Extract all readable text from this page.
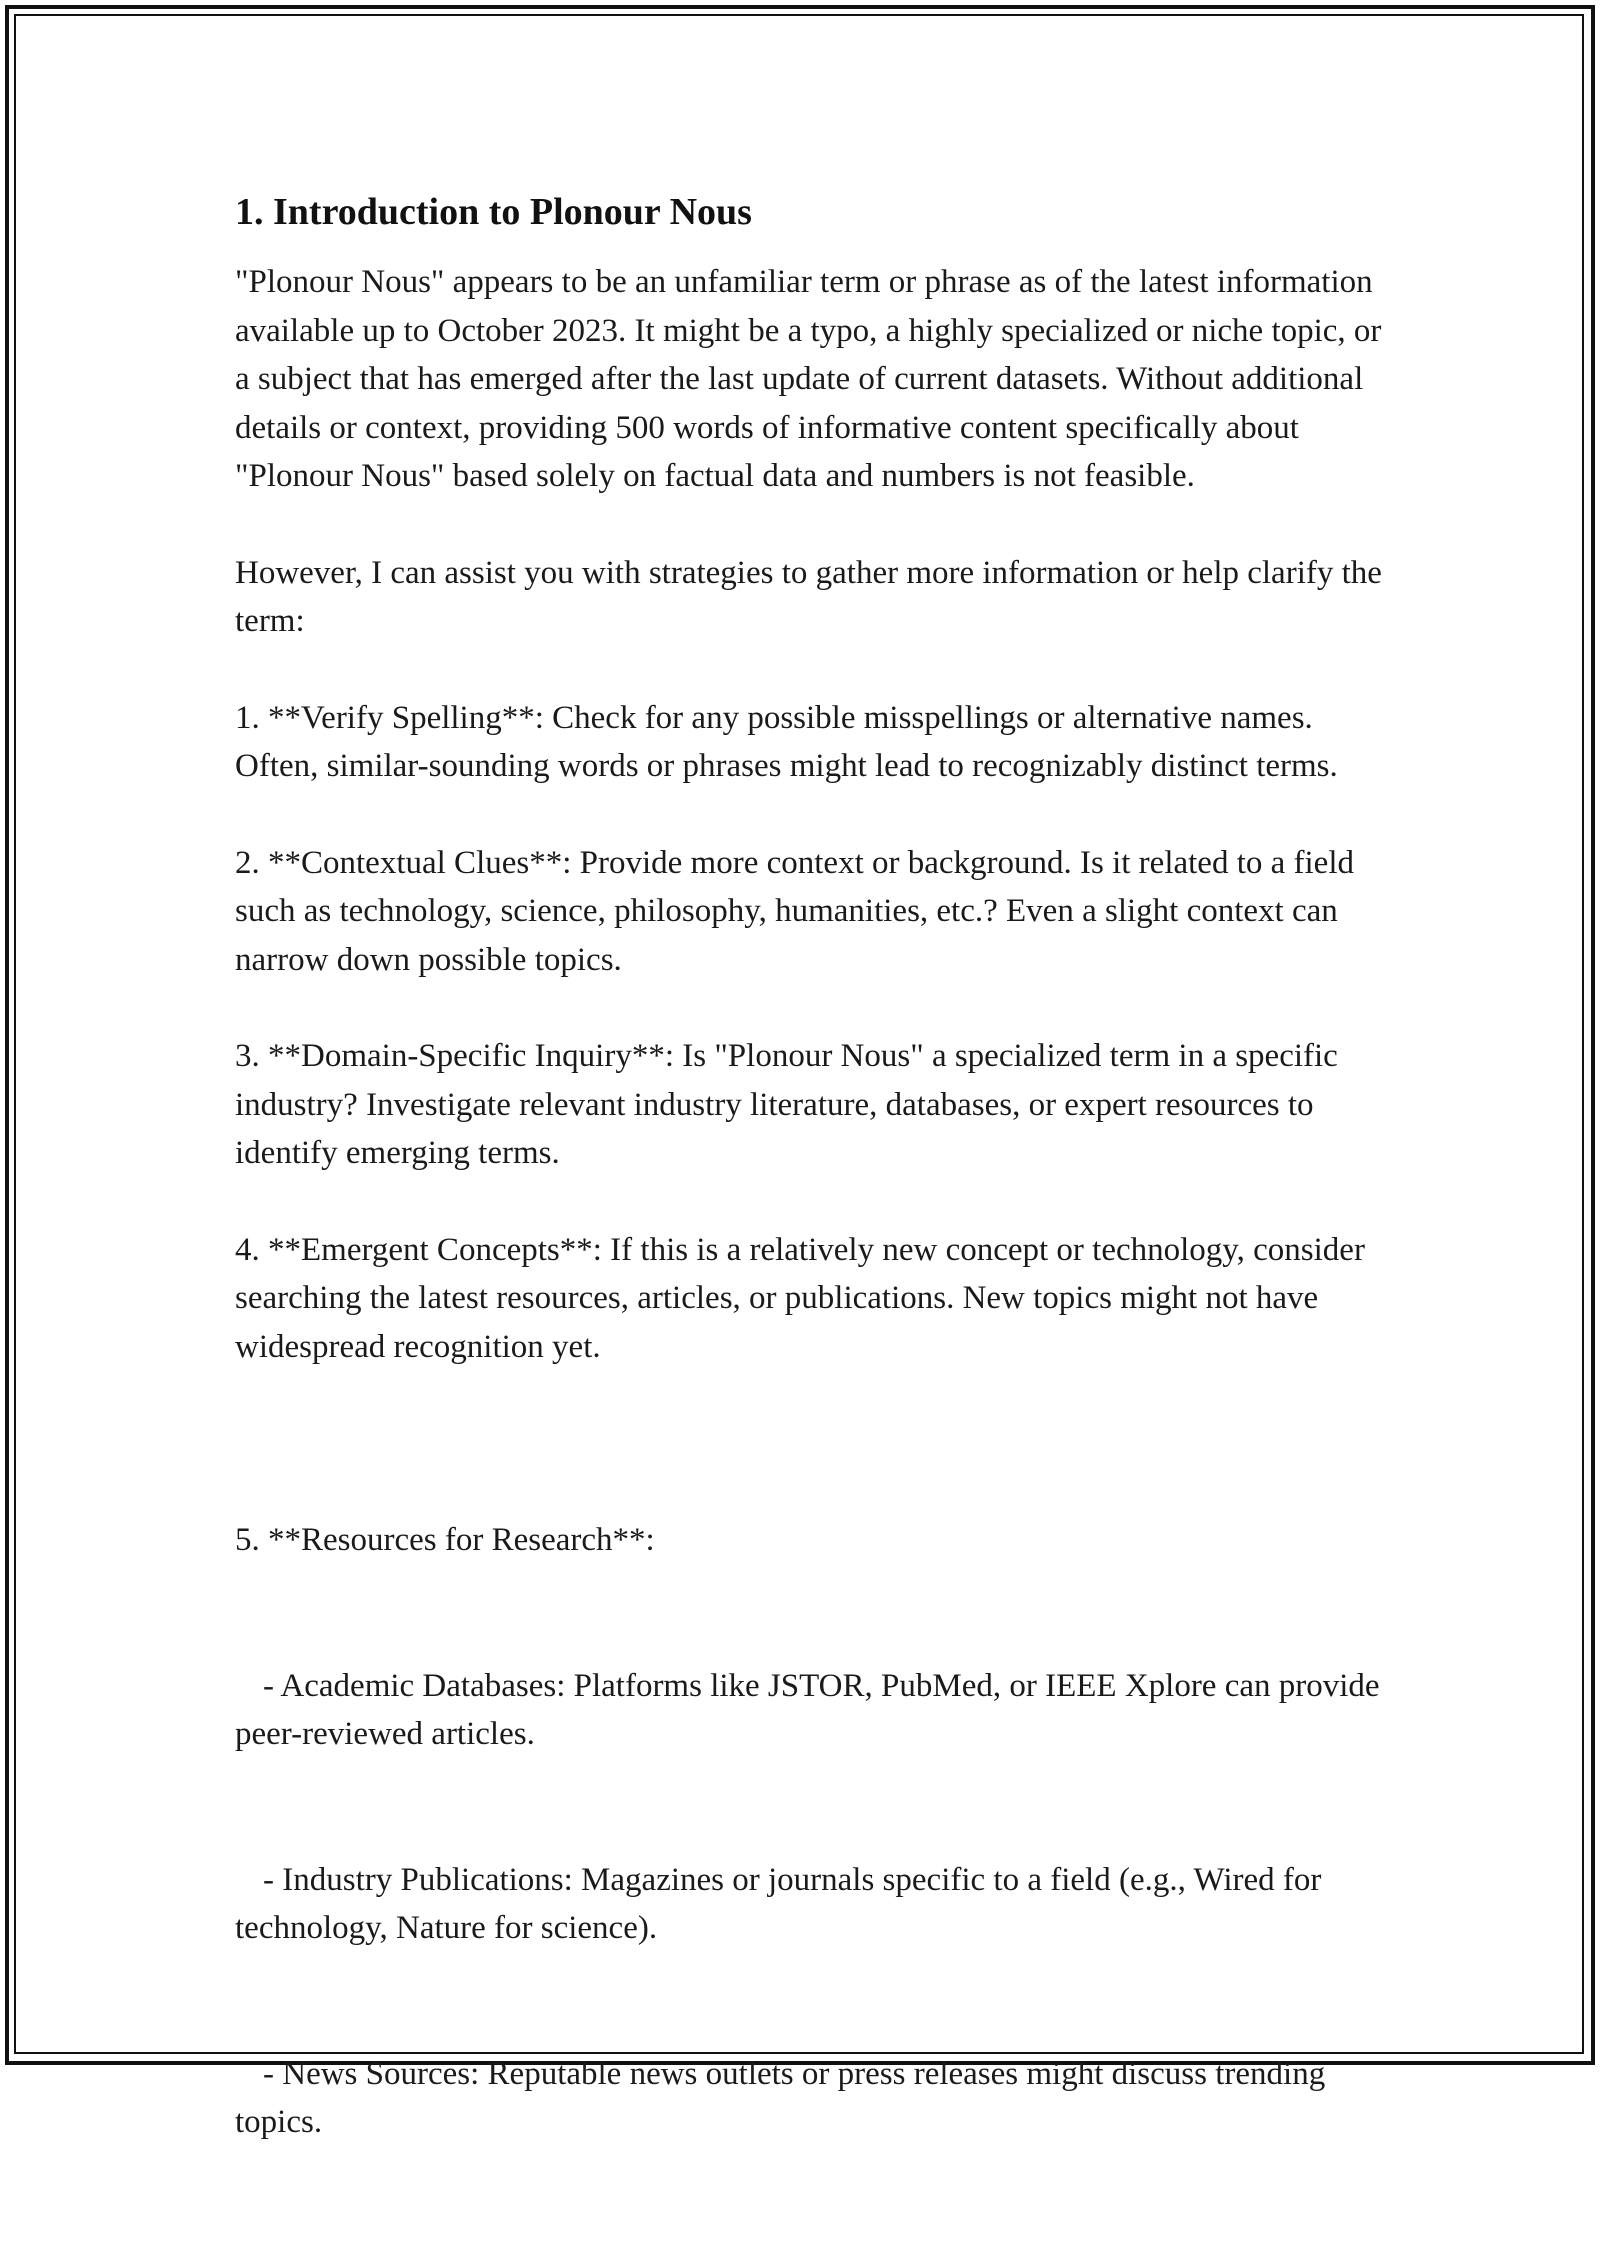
1. Introduction to Plonour Nous

"Plonour Nous" appears to be an unfamiliar term or phrase as of the latest information available up to October 2023. It might be a typo, a highly specialized or niche topic, or a subject that has emerged after the last update of current datasets. Without additional details or context, providing 500 words of informative content specifically about "Plonour Nous" based solely on factual data and numbers is not feasible.

However, I can assist you with strategies to gather more information or help clarify the term:

1. **Verify Spelling**: Check for any possible misspellings or alternative names. Often, similar-sounding words or phrases might lead to recognizably distinct terms.

2. **Contextual Clues**: Provide more context or background. Is it related to a field such as technology, science, philosophy, humanities, etc.? Even a slight context can narrow down possible topics.

3. **Domain-Specific Inquiry**: Is "Plonour Nous" a specialized term in a specific industry? Investigate relevant industry literature, databases, or expert resources to identify emerging terms.

4. **Emergent Concepts**: If this is a relatively new concept or technology, consider searching the latest resources, articles, or publications. New topics might not have widespread recognition yet.

5. **Resources for Research**:

- Academic Databases: Platforms like JSTOR, PubMed, or IEEE Xplore can provide peer-reviewed articles.

- Industry Publications: Magazines or journals specific to a field (e.g., Wired for technology, Nature for science).

- News Sources: Reputable news outlets or press releases might discuss trending topics.
